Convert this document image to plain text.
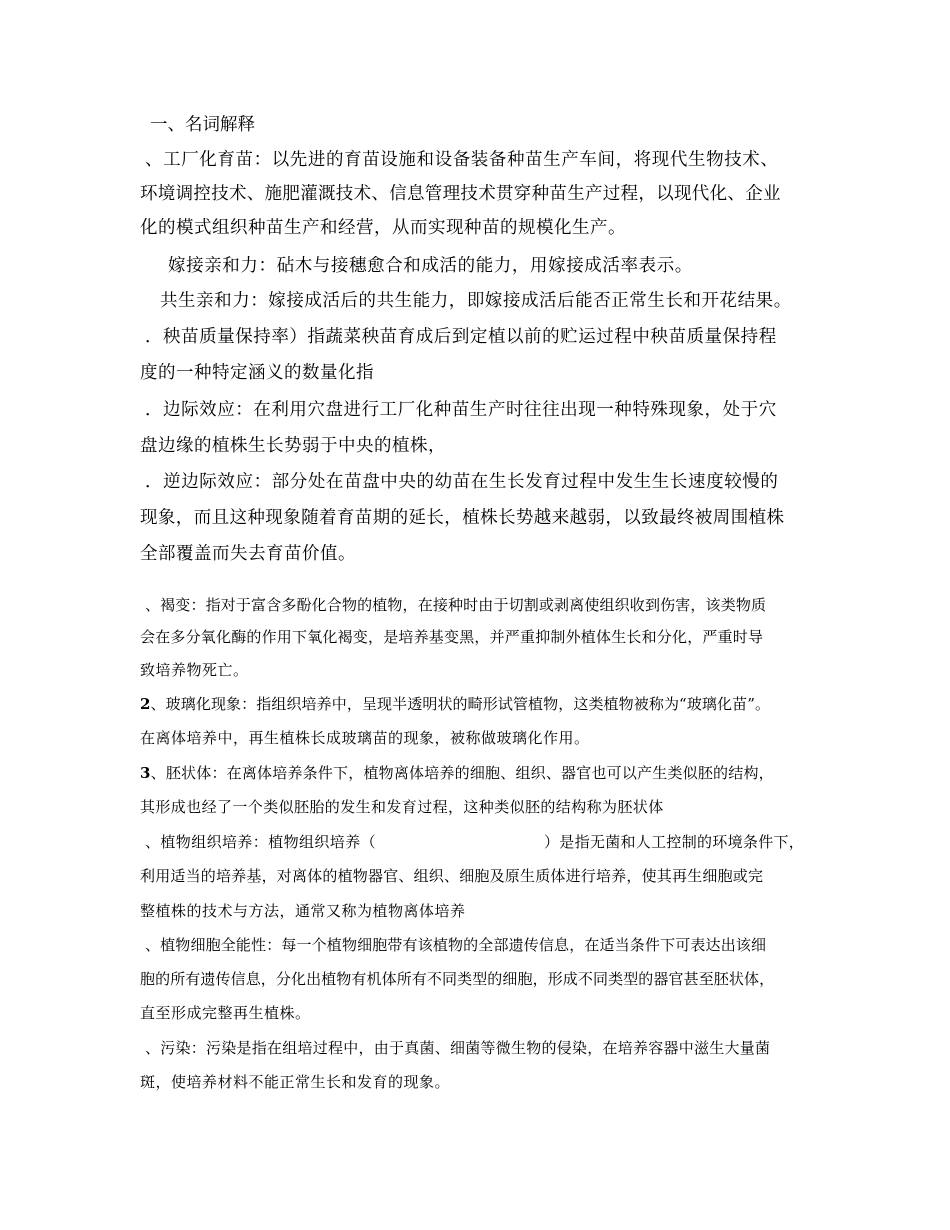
一、名词解释
、工厂化育苗：以先进的育苗设施和设备装备种苗生产车间，将现代生物技术、
环境调控技术、施肥灌溉技术、信息管理技术贯穿种苗生产过程，以现代化、企业
化的模式组织种苗生产和经营，从而实现种苗的规模化生产。
嫁接亲和力：砧木与接穗愈合和成活的能力，用嫁接成活率表示。
共生亲和力：嫁接成活后的共生能力，即嫁接成活后能否正常生长和开花结果。
．秧苗质量保持率）指蔬菜秧苗育成后到定植以前的贮运过程中秧苗质量保持程
度的一种特定涵义的数量化指
．边际效应：在利用穴盘进行工厂化种苗生产时往往出现一种特殊现象，处于穴
盘边缘的植株生长势弱于中央的植株，
．逆边际效应：部分处在苗盘中央的幼苗在生长发育过程中发生生长速度较慢的
现象，而且这种现象随着育苗期的延长，植株长势越来越弱，以致最终被周围植株
全部覆盖而失去育苗价值。
、褐变：指对于富含多酚化合物的植物，在接种时由于切割或剥离使组织收到伤害，该类物质
会在多分氧化酶的作用下氧化褐变，是培养基变黑，并严重抑制外植体生长和分化，严重时导
致培养物死亡。
2、玻璃化现象：指组织培养中，呈现半透明状的畸形试管植物，这类植物被称为“玻璃化苗”。
在离体培养中，再生植株长成玻璃苗的现象，被称做玻璃化作用。
3、胚状体：在离体培养条件下，植物离体培养的细胞、组织、器官也可以产生类似胚的结构，
其形成也经了一个类似胚胎的发生和发育过程，这种类似胚的结构称为胚状体
、植物组织培养：植物组织培养（	）是指无菌和人工控制的环境条件下，
利用适当的培养基，对离体的植物器官、组织、细胞及原生质体进行培养，使其再生细胞或完
整植株的技术与方法，通常又称为植物离体培养
、植物细胞全能性：每一个植物细胞带有该植物的全部遗传信息，在适当条件下可表达出该细
胞的所有遗传信息，分化出植物有机体所有不同类型的细胞，形成不同类型的器官甚至胚状体，
直至形成完整再生植株。
、污染：污染是指在组培过程中，由于真菌、细菌等微生物的侵染，在培养容器中滋生大量菌
斑，使培养材料不能正常生长和发育的现象。
